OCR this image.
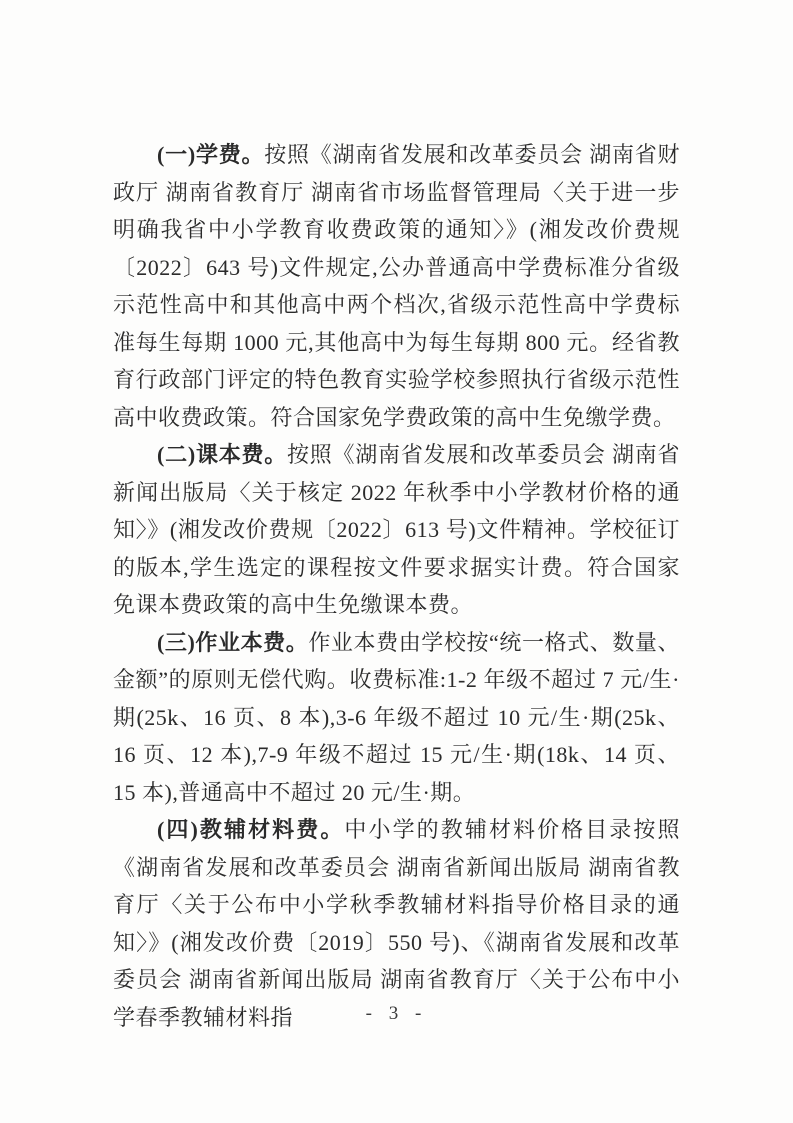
(一)学费。按照《湖南省发展和改革委员会 湖南省财政厅 湖南省教育厅 湖南省市场监督管理局〈关于进一步明确我省中小学教育收费政策的通知〉》(湘发改价费规〔2022〕643 号)文件规定,公办普通高中学费标准分省级示范性高中和其他高中两个档次,省级示范性高中学费标准每生每期 1000 元,其他高中为每生每期 800 元。经省教育行政部门评定的特色教育实验学校参照执行省级示范性高中收费政策。符合国家免学费政策的高中生免缴学费。

(二)课本费。按照《湖南省发展和改革委员会 湖南省新闻出版局〈关于核定 2022 年秋季中小学教材价格的通知〉》(湘发改价费规〔2022〕613 号)文件精神。学校征订的版本,学生选定的课程按文件要求据实计费。符合国家免课本费政策的高中生免缴课本费。

(三)作业本费。作业本费由学校按“统一格式、数量、金额”的原则无偿代购。收费标准:1-2 年级不超过 7 元/生·期(25k、16 页、8 本),3-6 年级不超过 10 元/生·期(25k、16 页、12 本),7-9 年级不超过 15 元/生·期(18k、14 页、15 本),普通高中不超过 20 元/生·期。

(四)教辅材料费。中小学的教辅材料价格目录按照《湖南省发展和改革委员会 湖南省新闻出版局 湖南省教育厅〈关于公布中小学秋季教辅材料指导价格目录的通知〉》(湘发改价费〔2019〕550 号)、《湖南省发展和改革委员会 湖南省新闻出版局 湖南省教育厅〈关于公布中小学春季教辅材料指	- 3 -
